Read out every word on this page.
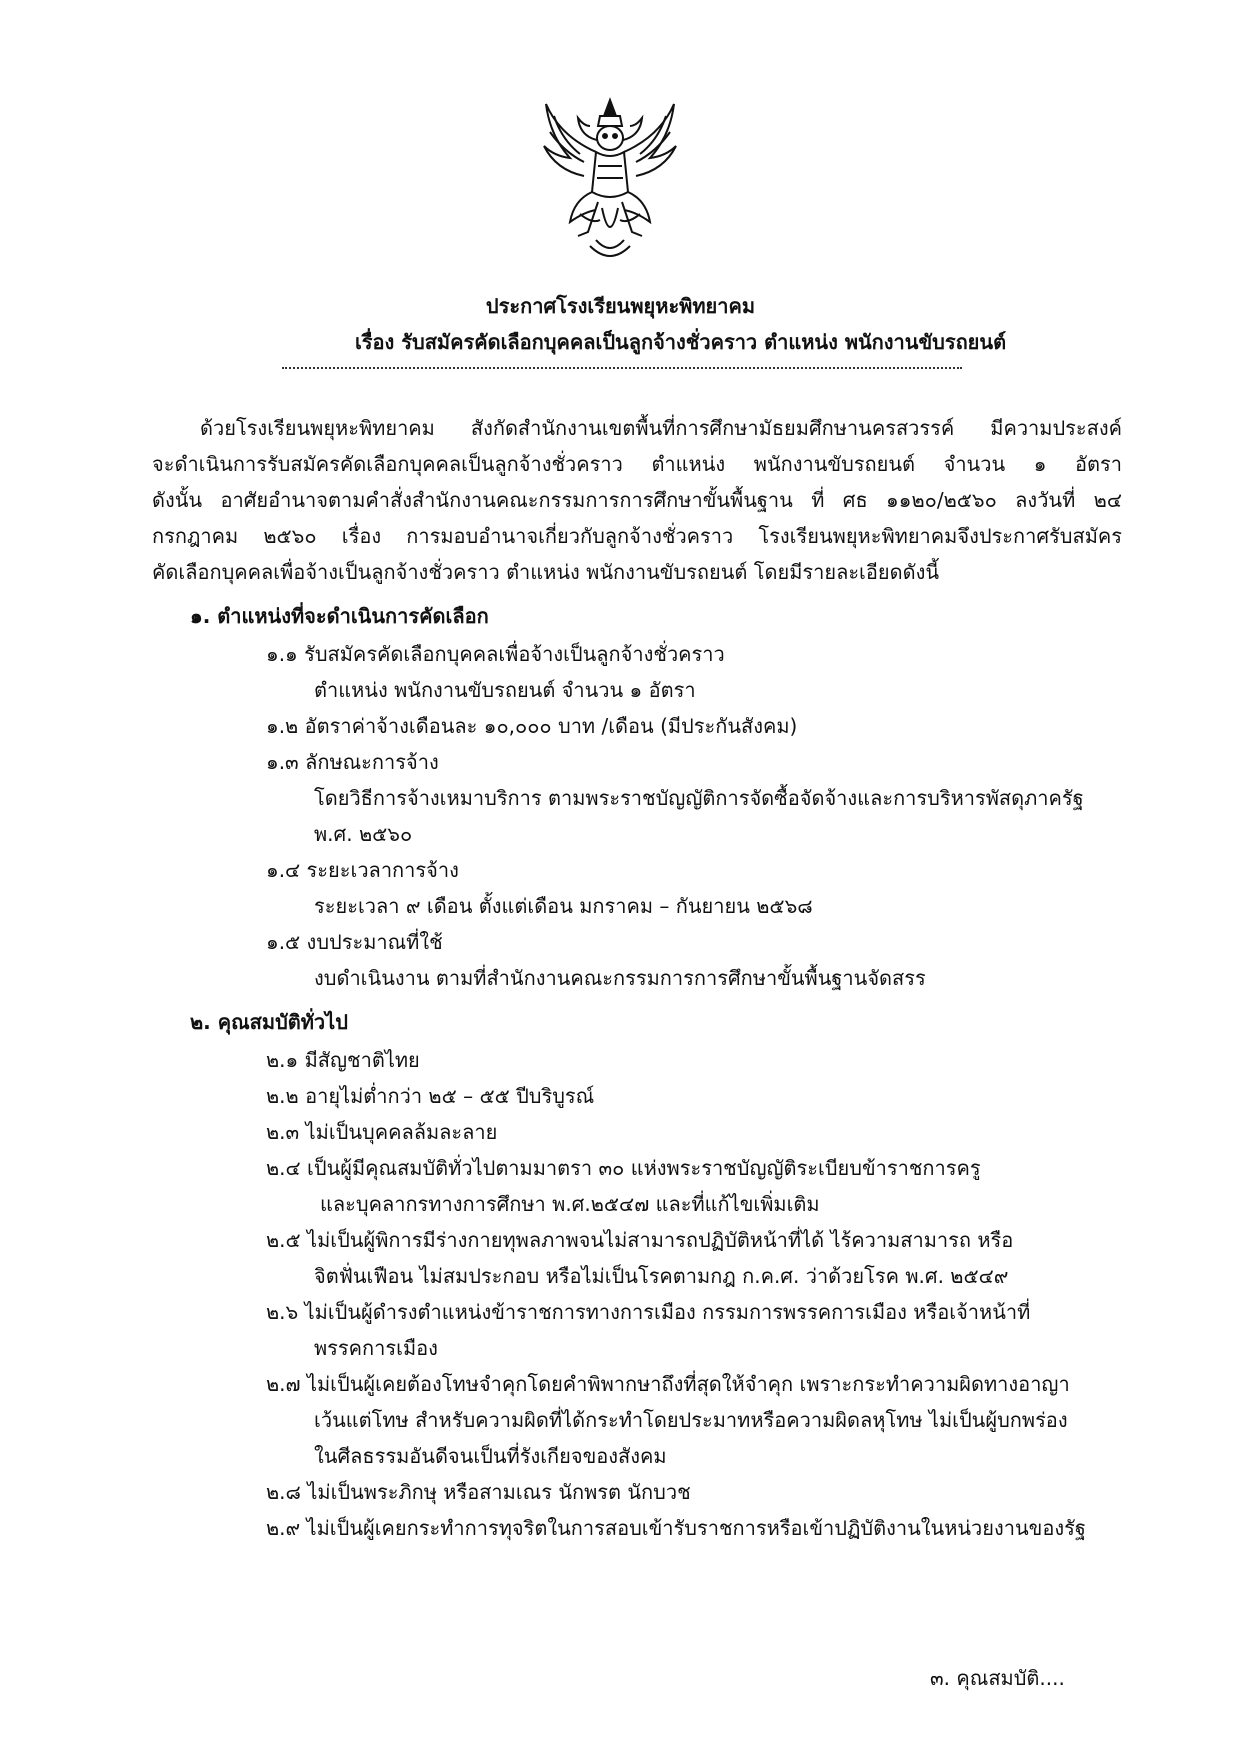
ประกาศโรงเรียนพยุหะพิทยาคม
เรื่อง รับสมัครคัดเลือกบุคคลเป็นลูกจ้างชั่วคราว ตำแหน่ง พนักงานขับรถยนต์
ด้วยโรงเรียนพยุหะพิทยาคม สังกัดสำนักงานเขตพื้นที่การศึกษามัธยมศึกษานครสวรรค์ มีความประสงค์
จะดำเนินการรับสมัครคัดเลือกบุคคลเป็นลูกจ้างชั่วคราว ตำแหน่ง พนักงานขับรถยนต์ จำนวน ๑ อัตรา
ดังนั้น อาศัยอำนาจตามคำสั่งสำนักงานคณะกรรมการการศึกษาขั้นพื้นฐาน ที่ ศธ ๑๑๒๐/๒๕๖๐ ลงวันที่ ๒๔
กรกฎาคม ๒๕๖๐ เรื่อง การมอบอำนาจเกี่ยวกับลูกจ้างชั่วคราว โรงเรียนพยุหะพิทยาคมจึงประกาศรับสมัคร
คัดเลือกบุคคลเพื่อจ้างเป็นลูกจ้างชั่วคราว ตำแหน่ง พนักงานขับรถยนต์ โดยมีรายละเอียดดังนี้
๑. ตำแหน่งที่จะดำเนินการคัดเลือก
๑.๑ รับสมัครคัดเลือกบุคคลเพื่อจ้างเป็นลูกจ้างชั่วคราว
ตำแหน่ง พนักงานขับรถยนต์ จำนวน ๑ อัตรา
๑.๒ อัตราค่าจ้างเดือนละ ๑๐,๐๐๐ บาท /เดือน (มีประกันสังคม)
๑.๓ ลักษณะการจ้าง
โดยวิธีการจ้างเหมาบริการ ตามพระราชบัญญัติการจัดซื้อจัดจ้างและการบริหารพัสดุภาครัฐ
พ.ศ. ๒๕๖๐
๑.๔ ระยะเวลาการจ้าง
ระยะเวลา ๙ เดือน ตั้งแต่เดือน มกราคม – กันยายน ๒๕๖๘
๑.๕ งบประมาณที่ใช้
งบดำเนินงาน ตามที่สำนักงานคณะกรรมการการศึกษาขั้นพื้นฐานจัดสรร
๒. คุณสมบัติทั่วไป
๒.๑ มีสัญชาติไทย
๒.๒ อายุไม่ต่ำกว่า ๒๕ – ๕๕ ปีบริบูรณ์
๒.๓ ไม่เป็นบุคคลล้มละลาย
๒.๔ เป็นผู้มีคุณสมบัติทั่วไปตามมาตรา ๓๐ แห่งพระราชบัญญัติระเบียบข้าราชการครู
และบุคลากรทางการศึกษา พ.ศ.๒๕๔๗ และที่แก้ไขเพิ่มเติม
๒.๕ ไม่เป็นผู้พิการมีร่างกายทุพลภาพจนไม่สามารถปฏิบัติหน้าที่ได้ ไร้ความสามารถ หรือ
จิตฟั่นเฟือน ไม่สมประกอบ หรือไม่เป็นโรคตามกฎ ก.ค.ศ. ว่าด้วยโรค พ.ศ. ๒๕๔๙
๒.๖ ไม่เป็นผู้ดำรงตำแหน่งข้าราชการทางการเมือง กรรมการพรรคการเมือง หรือเจ้าหน้าที่
พรรคการเมือง
๒.๗ ไม่เป็นผู้เคยต้องโทษจำคุกโดยคำพิพากษาถึงที่สุดให้จำคุก เพราะกระทำความผิดทางอาญา
เว้นแต่โทษ สำหรับความผิดที่ได้กระทำโดยประมาทหรือความผิดลหุโทษ ไม่เป็นผู้บกพร่อง
ในศีลธรรมอันดีจนเป็นที่รังเกียจของสังคม
๒.๘ ไม่เป็นพระภิกษุ หรือสามเณร นักพรต นักบวช
๒.๙ ไม่เป็นผู้เคยกระทำการทุจริตในการสอบเข้ารับราชการหรือเข้าปฏิบัติงานในหน่วยงานของรัฐ
๓. คุณสมบัติ....
